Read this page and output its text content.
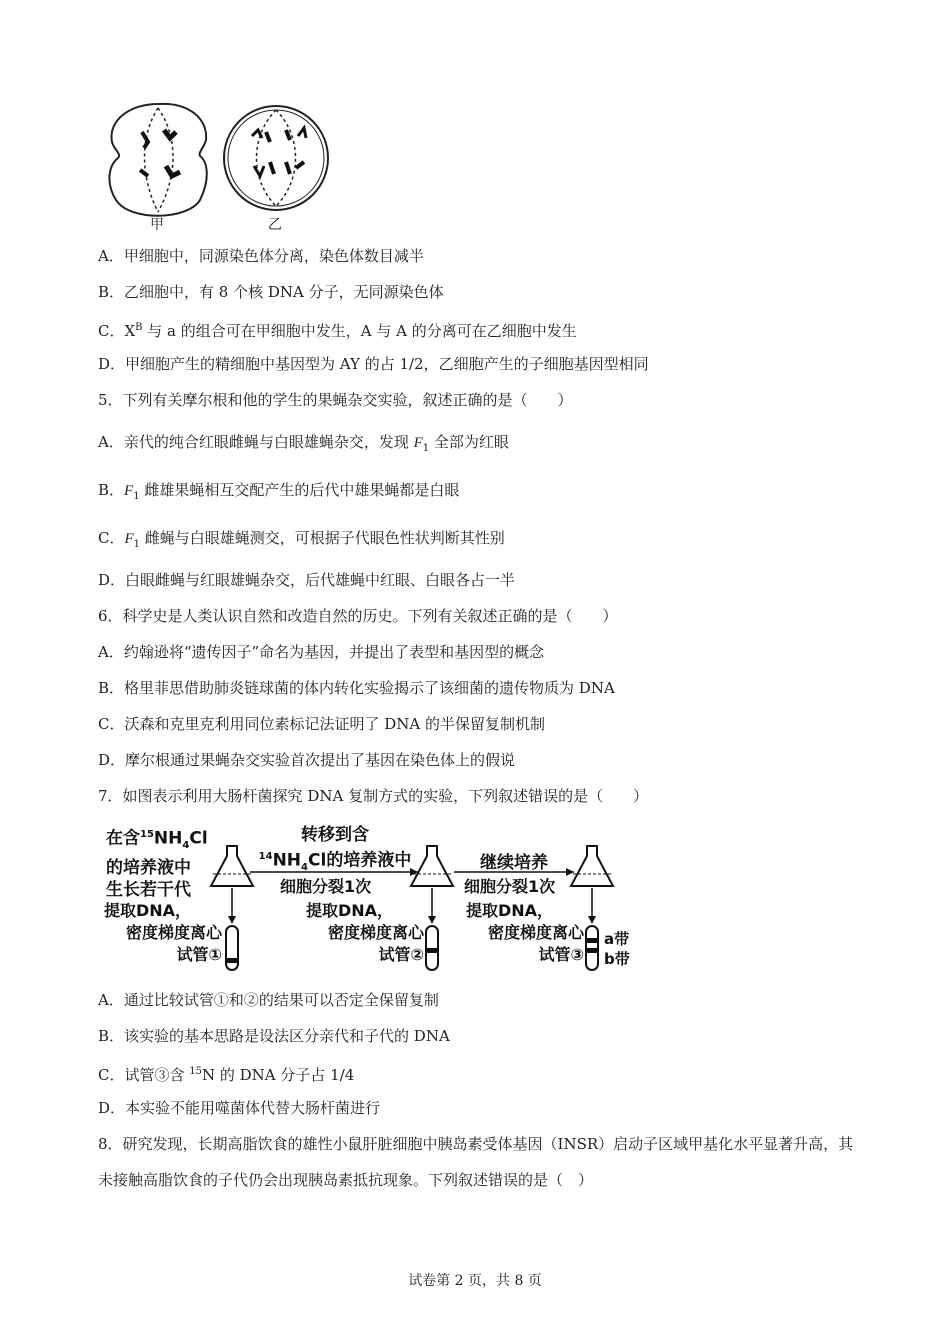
甲	乙
A．甲细胞中，同源染色体分离，染色体数目减半
B．乙细胞中，有 8 个核 DNA 分子，无同源染色体
C．$X^B$ 与 a 的组合可在甲细胞中发生，A 与 A 的分离可在乙细胞中发生
D．甲细胞产生的精细胞中基因型为 AY 的占 1/2，乙细胞产生的子细胞基因型相同
5．下列有关摩尔根和他的学生的果蝇杂交实验，叙述正确的是（　　）
A．亲代的纯合红眼雌蝇与白眼雄蝇杂交，发现 $F_1$ 全部为红眼
B．$F_1$ 雌雄果蝇相互交配产生的后代中雄果蝇都是白眼
C．$F_1$ 雌蝇与白眼雄蝇测交，可根据子代眼色性状判断其性别
D．白眼雌蝇与红眼雄蝇杂交，后代雄蝇中红眼、白眼各占一半
6．科学史是人类认识自然和改造自然的历史。下列有关叙述正确的是（　　）
A．约翰逊将“遗传因子”命名为基因，并提出了表型和基因型的概念
B．格里菲思借助肺炎链球菌的体内转化实验揭示了该细菌的遗传物质为 DNA
C．沃森和克里克利用同位素标记法证明了 DNA 的半保留复制机制
D．摩尔根通过果蝇杂交实验首次提出了基因在染色体上的假说
7．如图表示利用大肠杆菌探究 DNA 复制方式的实验，下列叙述错误的是（　　）
在含$^{15}NH_4Cl$
的培养液中
生长若干代
转移到含
$^{14}NH_4Cl$的培养液中
细胞分裂1次
继续培养
细胞分裂1次
提取DNA，
密度梯度离心
试管①
提取DNA，
密度梯度离心
试管②
提取DNA，
密度梯度离心
试管③
a带
b带
A．通过比较试管①和②的结果可以否定全保留复制
B．该实验的基本思路是设法区分亲代和子代的 DNA
C．试管③含 $^{15}$N 的 DNA 分子占 1/4
D．本实验不能用噬菌体代替大肠杆菌进行
8．研究发现，长期高脂饮食的雄性小鼠肝脏细胞中胰岛素受体基因（INSR）启动子区域甲基化水平显著升高，其未接触高脂饮食的子代仍会出现胰岛素抵抗现象。下列叙述错误的是（　）
试卷第 2 页，共 8 页
